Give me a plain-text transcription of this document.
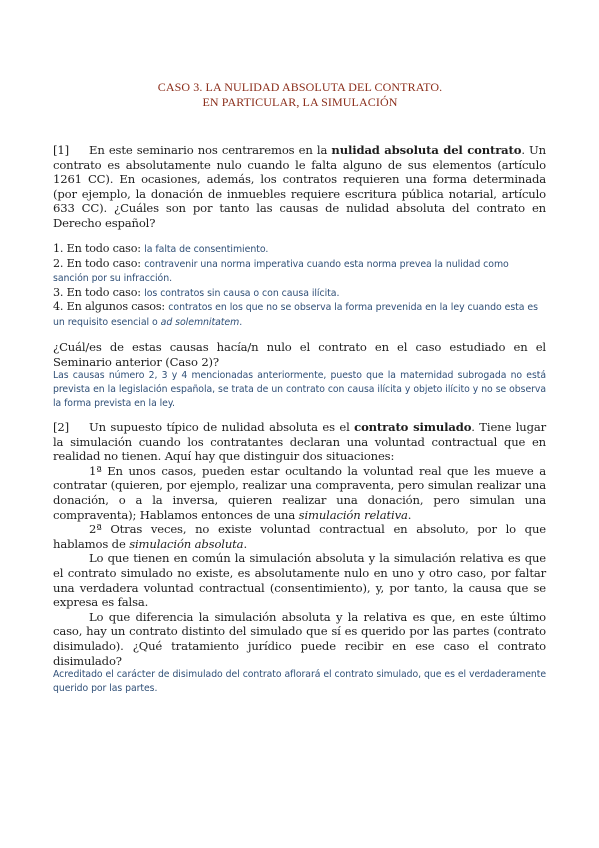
CASO 3. LA NULIDAD ABSOLUTA DEL CONTRATO.
EN PARTICULAR, LA SIMULACIÓN

[1] En este seminario nos centraremos en la nulidad absoluta del contrato. Un contrato es absolutamente nulo cuando le falta alguno de sus elementos (artículo 1261 CC). En ocasiones, además, los contratos requieren una forma determinada (por ejemplo, la donación de inmuebles requiere escritura pública notarial, artículo 633 CC). ¿Cuáles son por tanto las causas de nulidad absoluta del contrato en Derecho español?

1. En todo caso: la falta de consentimiento.

2. En todo caso: contravenir una norma imperativa cuando esta norma prevea la nulidad como sanción por su infracción.

3. En todo caso: los contratos sin causa o con causa ilícita.

4. En algunos casos: contratos en los que no se observa la forma prevenida en la ley cuando esta es un requisito esencial o ad solemnitatem.

¿Cuál/es de estas causas hacía/n nulo el contrato en el caso estudiado en el Seminario anterior (Caso 2)?

Las causas número 2, 3 y 4 mencionadas anteriormente, puesto que la maternidad subrogada no está prevista en la legislación española, se trata de un contrato con causa ilícita y objeto ilícito y no se observa la forma prevista en la ley.

[2] Un supuesto típico de nulidad absoluta es el contrato simulado. Tiene lugar la simulación cuando los contratantes declaran una voluntad contractual que en realidad no tienen. Aquí hay que distinguir dos situaciones:

1ª En unos casos, pueden estar ocultando la voluntad real que les mueve a contratar (quieren, por ejemplo, realizar una compraventa, pero simulan realizar una donación, o a la inversa, quieren realizar una donación, pero simulan una compraventa); Hablamos entonces de una simulación relativa.

2ª Otras veces, no existe voluntad contractual en absoluto, por lo que hablamos de simulación absoluta.

Lo que tienen en común la simulación absoluta y la simulación relativa es que el contrato simulado no existe, es absolutamente nulo en uno y otro caso, por faltar una verdadera voluntad contractual (consentimiento), y, por tanto, la causa que se expresa es falsa.

Lo que diferencia la simulación absoluta y la relativa es que, en este último caso, hay un contrato distinto del simulado que sí es querido por las partes (contrato disimulado). ¿Qué tratamiento jurídico puede recibir en ese caso el contrato disimulado?

Acreditado el carácter de disimulado del contrato aflorará el contrato simulado, que es el verdaderamente querido por las partes.
